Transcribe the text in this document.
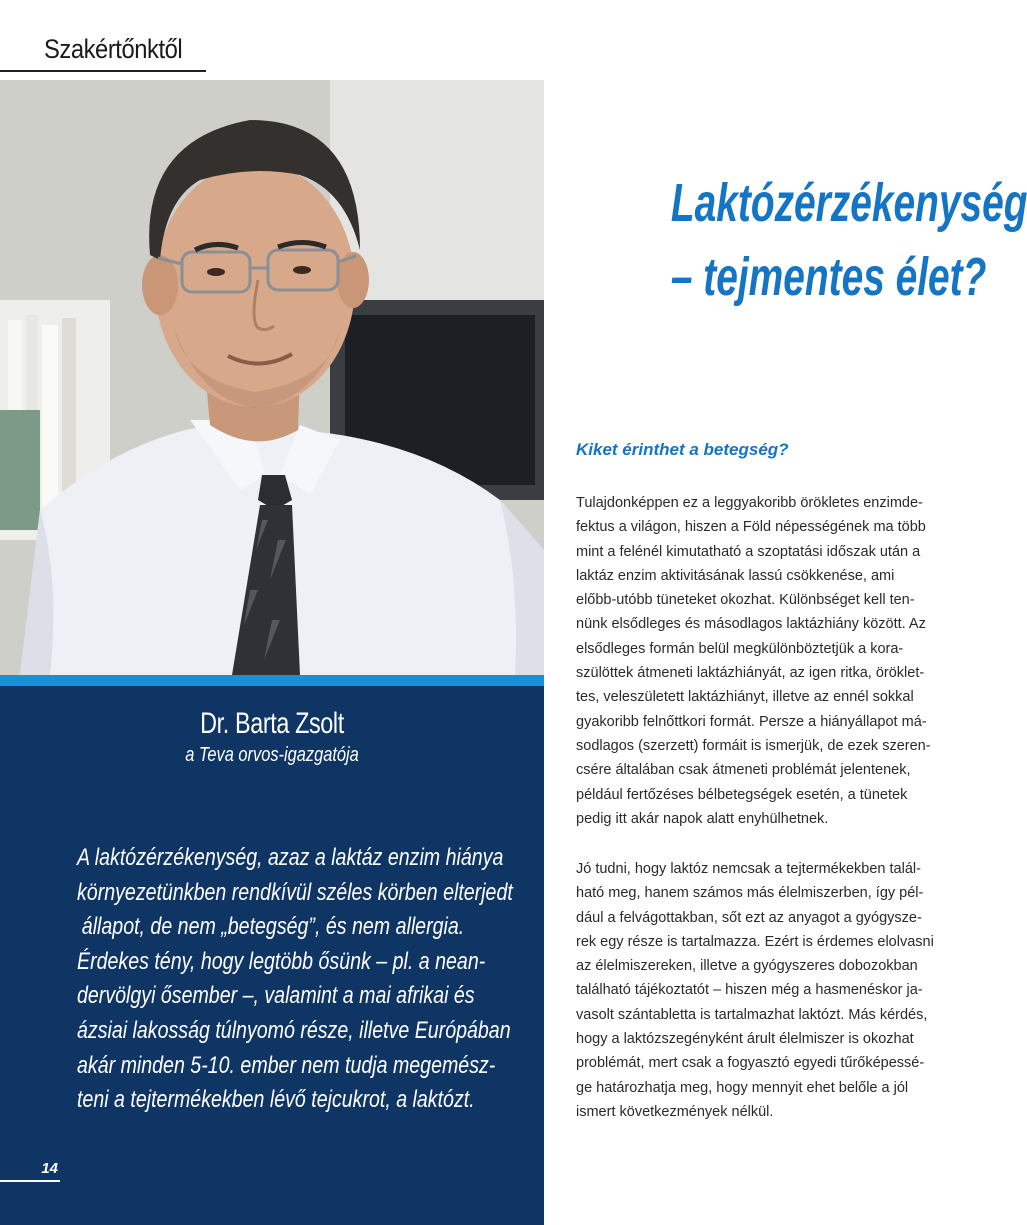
Szakértőnktől
Dr. Barta Zsolt
a Teva orvos-igazgatója
A laktózérzékenység, azaz a laktáz enzim hiánya
környezetünkben rendkívül széles körben elterjedt
állapot, de nem „betegség”, és nem allergia.
Érdekes tény, hogy legtöbb ősünk – pl. a nean-
dervölgyi ősember –, valamint a mai afrikai és
ázsiai lakosság túlnyomó része, illetve Európában
akár minden 5-10. ember nem tudja megemész-
teni a tejtermékekben lévő tejcukrot, a laktózt.
14
Laktózérzékenység
– tejmentes élet?
Kiket érinthet a betegség?
Tulajdonképpen ez a leggyakoribb örökletes enzimde-
fektus a világon, hiszen a Föld népességének ma több
mint a felénél kimutatható a szoptatási időszak után a
laktáz enzim aktivitásának lassú csökkenése, ami
előbb-utóbb tüneteket okozhat. Különbséget kell ten-
nünk elsődleges és másodlagos laktázhiány között. Az
elsődleges formán belül megkülönböztetjük a kora-
szülöttek átmeneti laktázhiányát, az igen ritka, öröklet-
tes, veleszületett laktázhiányt, illetve az ennél sokkal
gyakoribb felnőttkori formát. Persze a hiányállapot má-
sodlagos (szerzett) formáit is ismerjük, de ezek szeren-
csére általában csak átmeneti problémát jelentenek,
például fertőzéses bélbetegségek esetén, a tünetek
pedig itt akár napok alatt enyhülhetnek.
Jó tudni, hogy laktóz nemcsak a tejtermékekben talál-
ható meg, hanem számos más élelmiszerben, így pél-
dául a felvágottakban, sőt ezt az anyagot a gyógysze-
rek egy része is tartalmazza. Ezért is érdemes elolvasni
az élelmiszereken, illetve a gyógyszeres dobozokban
található tájékoztatót – hiszen még a hasmenéskor ja-
vasolt szántabletta is tartalmazhat laktózt. Más kérdés,
hogy a laktózszegényként árult élelmiszer is okozhat
problémát, mert csak a fogyasztó egyedi tűrőképessé-
ge határozhatja meg, hogy mennyit ehet belőle a jól
ismert következmények nélkül.
